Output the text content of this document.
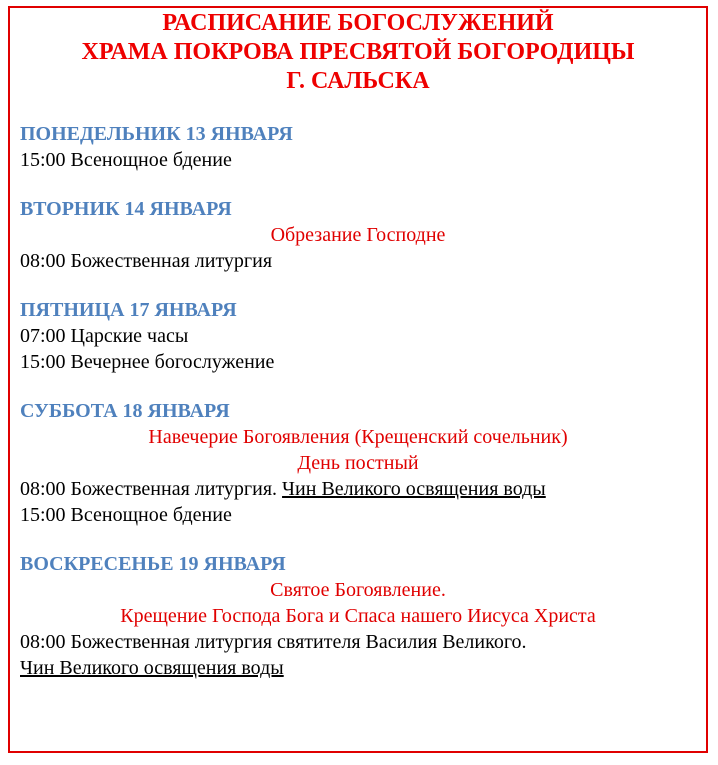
РАСПИСАНИЕ БОГОСЛУЖЕНИЙ
ХРАМА ПОКРОВА ПРЕСВЯТОЙ БОГОРОДИЦЫ
Г. САЛЬСКА
ПОНЕДЕЛЬНИК 13 ЯНВАРЯ
15:00 Всенощное бдение
ВТОРНИК 14 ЯНВАРЯ
Обрезание Господне
08:00 Божественная литургия
ПЯТНИЦА 17 ЯНВАРЯ
07:00 Царские часы
15:00 Вечернее богослужение
СУББОТА 18 ЯНВАРЯ
Навечерие Богоявления (Крещенский сочельник)
День постный
08:00 Божественная литургия. Чин Великого освящения воды
15:00 Всенощное бдение
ВОСКРЕСЕНЬЕ 19 ЯНВАРЯ
Святое Богоявление.
Крещение Господа Бога и Спаса нашего Иисуса Христа
08:00 Божественная литургия святителя Василия Великого.
Чин Великого освящения воды
